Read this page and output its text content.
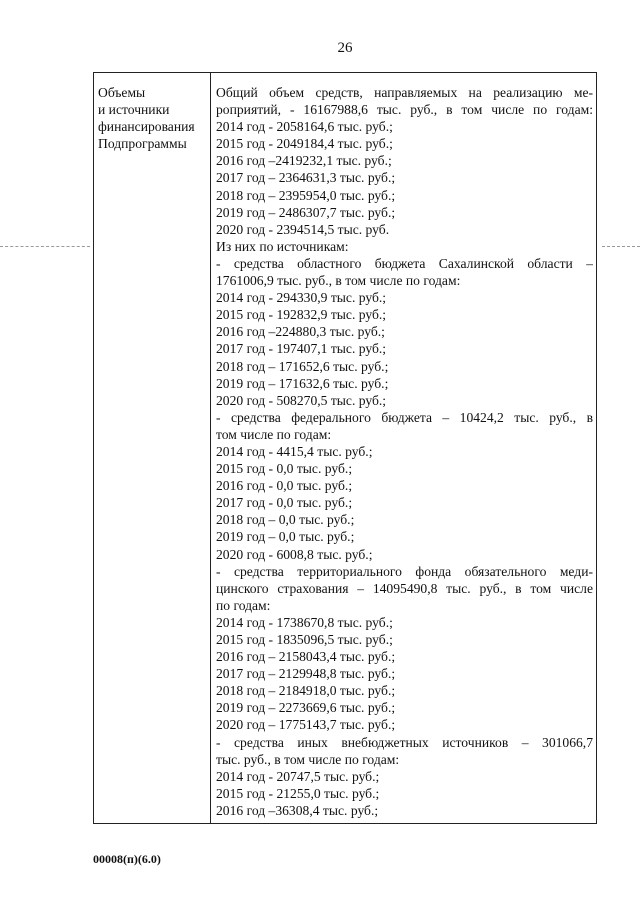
26
Объемы
и источники
финансирования
Подпрограммы
Общий объем средств, направляемых на реализацию ме-
роприятий, - 16167988,6 тыс. руб., в том числе по годам:
2014 год - 2058164,6 тыс. руб.;
2015 год - 2049184,4 тыс. руб.;
2016 год –2419232,1 тыс. руб.;
2017 год – 2364631,3 тыс. руб.;
2018 год – 2395954,0 тыс. руб.;
2019 год – 2486307,7 тыс. руб.;
2020 год - 2394514,5 тыс. руб.
Из них по источникам:
- средства областного бюджета Сахалинской области –
1761006,9 тыс. руб., в том числе по годам:
2014 год - 294330,9 тыс. руб.;
2015 год - 192832,9 тыс. руб.;
2016 год –224880,3 тыс. руб.;
2017 год - 197407,1 тыс. руб.;
2018 год – 171652,6 тыс. руб.;
2019 год – 171632,6 тыс. руб.;
2020 год - 508270,5 тыс. руб.;
- средства федерального бюджета – 10424,2 тыс. руб., в
том числе по годам:
2014 год - 4415,4 тыс. руб.;
2015 год - 0,0 тыс. руб.;
2016 год - 0,0 тыс. руб.;
2017 год - 0,0 тыс. руб.;
2018 год – 0,0 тыс. руб.;
2019 год – 0,0 тыс. руб.;
2020 год - 6008,8 тыс. руб.;
- средства территориального фонда обязательного меди-
цинского страхования – 14095490,8 тыс. руб., в том числе
по годам:
2014 год - 1738670,8 тыс. руб.;
2015 год - 1835096,5 тыс. руб.;
2016 год – 2158043,4 тыс. руб.;
2017 год – 2129948,8 тыс. руб.;
2018 год – 2184918,0 тыс. руб.;
2019 год – 2273669,6 тыс. руб.;
2020 год – 1775143,7 тыс. руб.;
- средства иных внебюджетных источников – 301066,7
тыс. руб., в том числе по годам:
2014 год - 20747,5 тыс. руб.;
2015 год - 21255,0 тыс. руб.;
2016 год –36308,4 тыс. руб.;
00008(п)(6.0)
